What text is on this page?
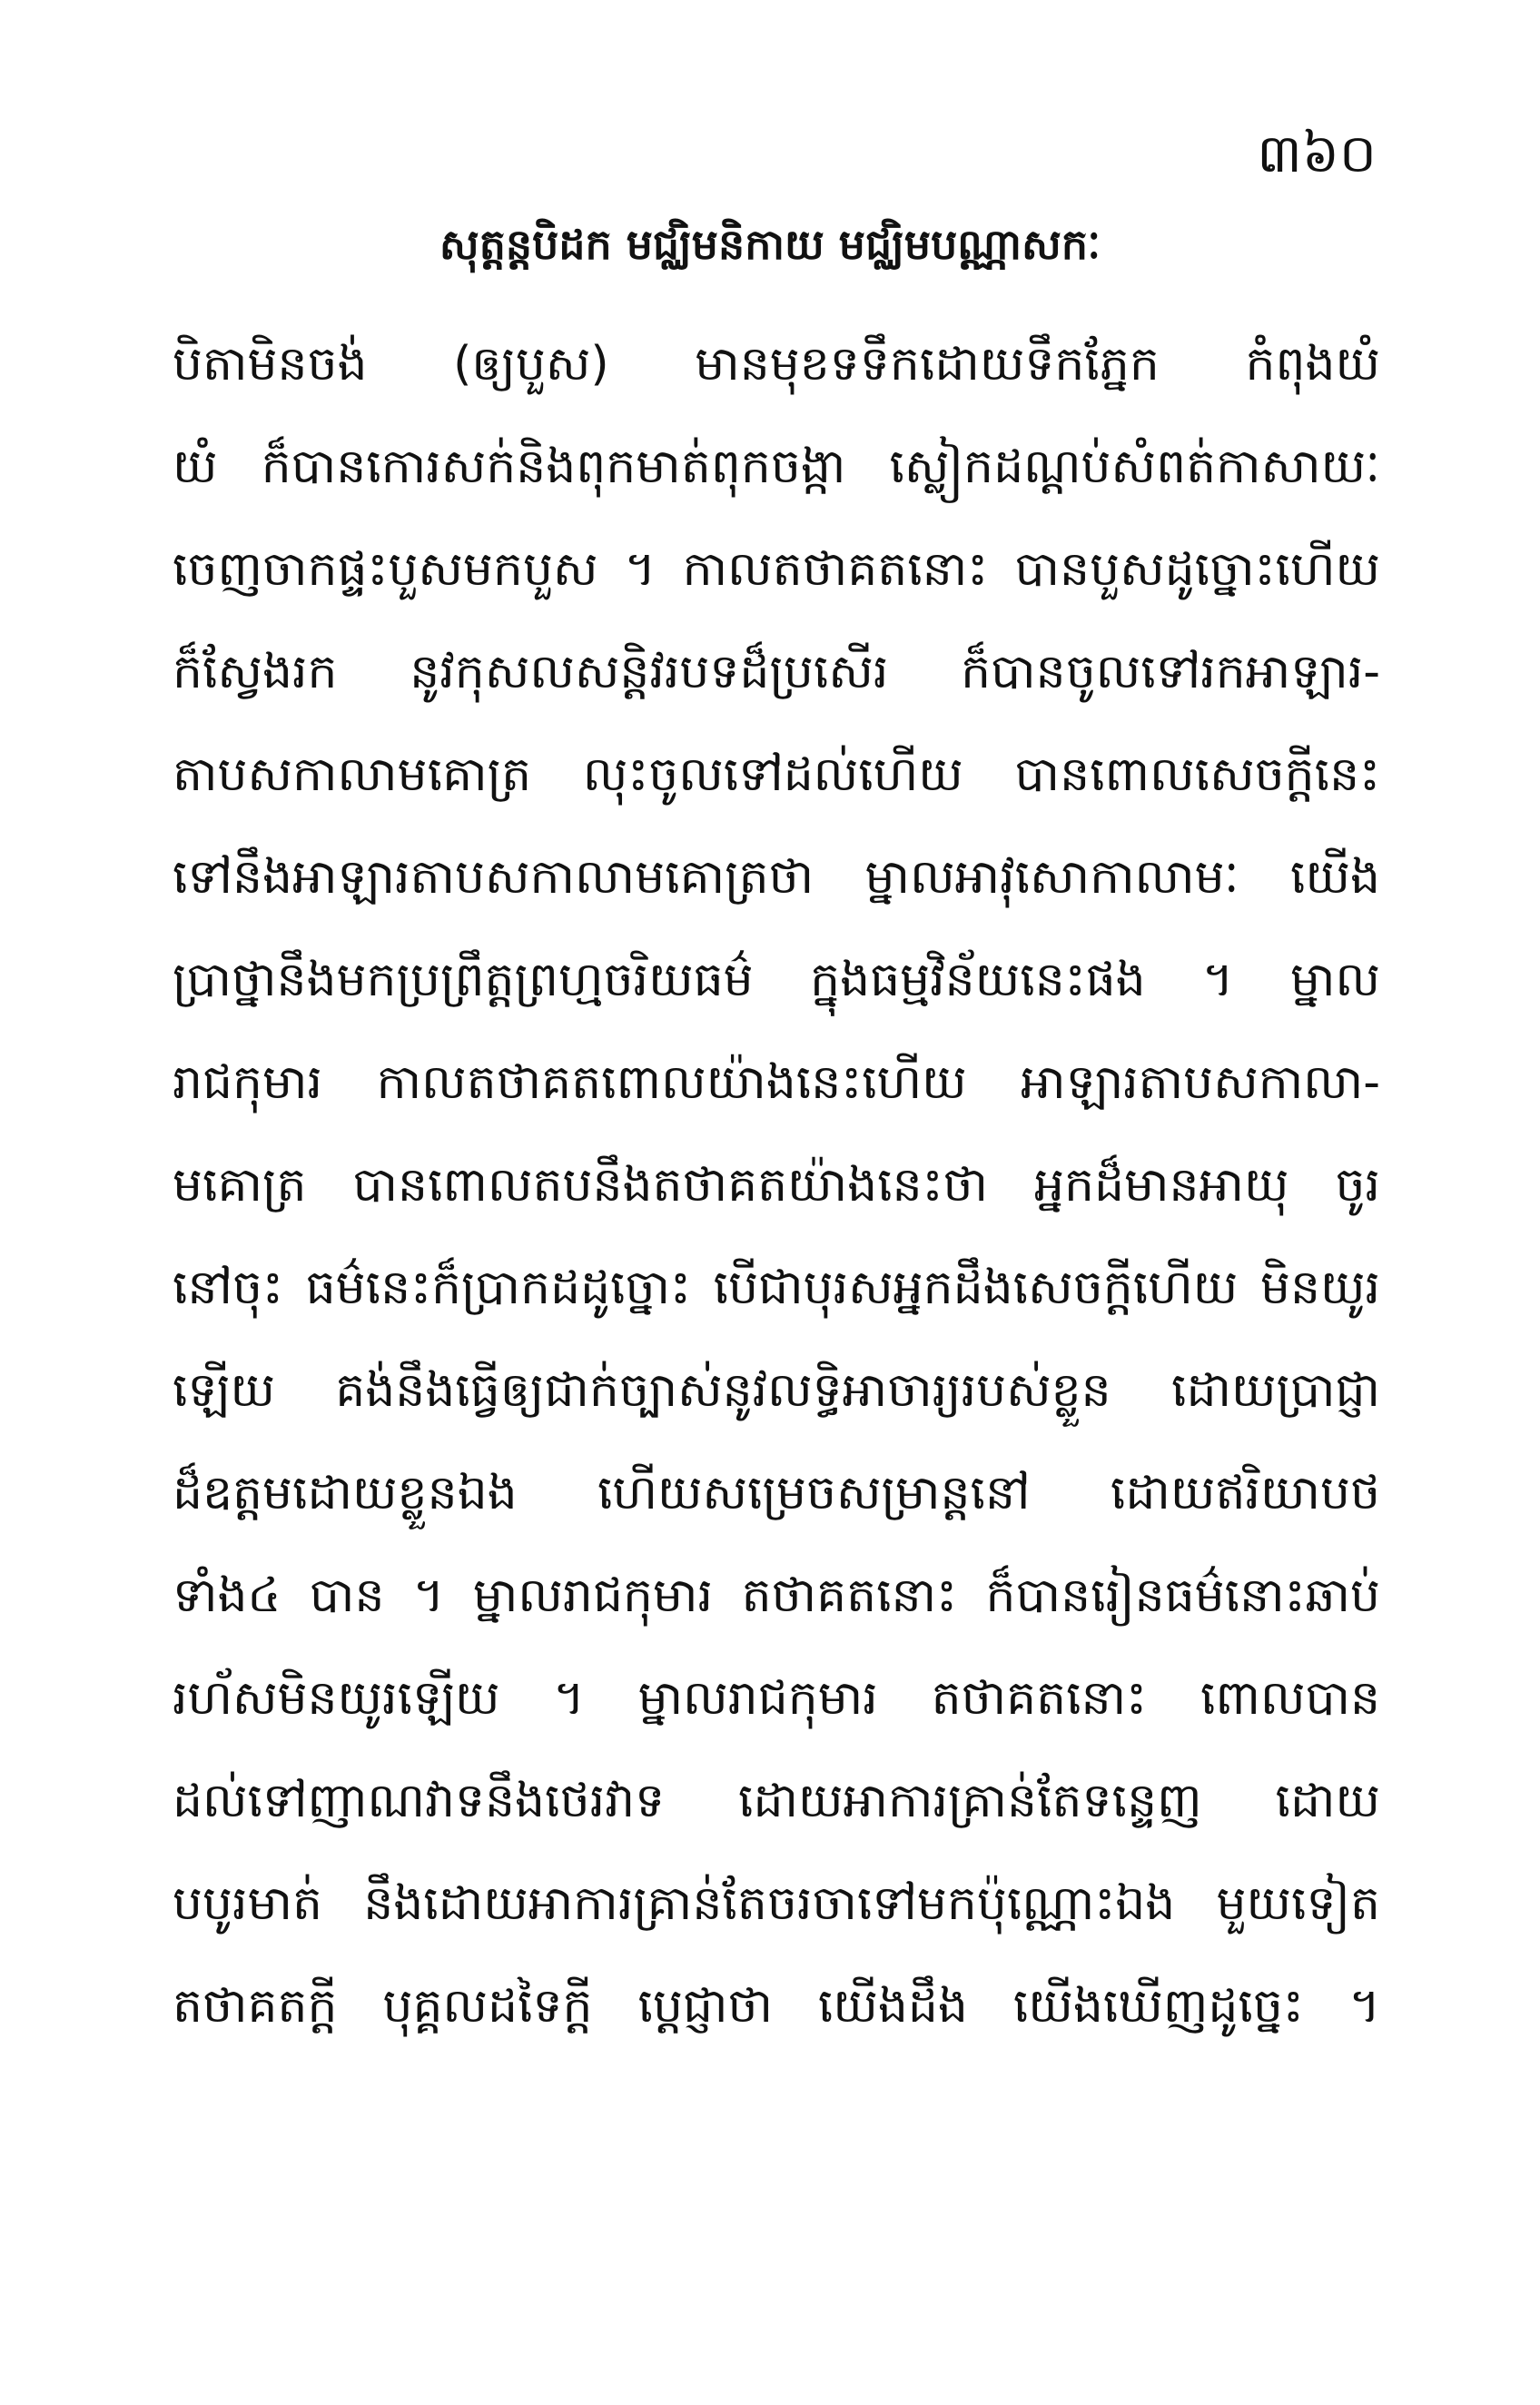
៣៦០
សុត្តន្តបិដក មជ្ឈិមនិកាយ មជ្ឈិមបណ្ណាសកៈ
បិតាមិនចង់ (ឲ្យបួស) មានមុខទទឹកដោយទឹកភ្នែក កំពុងយំ
យំ ក៏បានកោរសក់និងពុកមាត់ពុកចង្កា ស្លៀកដណ្តប់សំពត់កាសាយៈ
ចេញចាកផ្ទះបួសមកបួស ។ កាលតថាគតនោះ បានបួសដូច្នោះហើយ
ក៏ស្វែងរក នូវកុសលសន្តិវរបទដ៏ប្រសើរ ក៏បានចូលទៅរកអាឡារ-
តាបសកាលាមគោត្រ លុះចូលទៅដល់ហើយ បានពោលសេចក្តីនេះ
ទៅនឹងអាឡារតាបសកាលាមគោត្រថា ម្នាលអាវុសោកាលាមៈ យើង
ប្រាថ្នានឹងមកប្រព្រឹត្តព្រហ្មចរិយធម៌ ក្នុងធម្មវិន័យនេះផង ។ ម្នាល
រាជកុមារ កាលតថាគតពោលយ៉ាងនេះហើយ អាឡារតាបសកាលា-
មគោត្រ បានពោលតបនឹងតថាគតយ៉ាងនេះថា អ្នកដ៏មានអាយុ ចូរ
នៅចុះ ធម៌នេះក៏ប្រាកដដូច្នោះ បើជាបុរសអ្នកដឹងសេចក្តីហើយ មិនយូរ
ឡើយ គង់នឹងធ្វើឲ្យជាក់ច្បាស់នូវលទ្ធិអាចារ្យរបស់ខ្លួន ដោយប្រាជ្ញា
ដ៏ឧត្តមដោយខ្លួនឯង ហើយសម្រេចសម្រាន្តនៅ ដោយឥរិយាបថ
ទាំង៤ បាន ។ ម្នាលរាជកុមារ តថាគតនោះ ក៏បានរៀនធម៌នោះឆាប់
រហ័សមិនយូរឡើយ ។ ម្នាលរាជកុមារ តថាគតនោះ ពោលបាន
ដល់ទៅញាណវាទនឹងថេរវាទ ដោយអាការគ្រាន់តែទន្ទេញ ដោយ
បបូរមាត់ នឹងដោយអាការគ្រាន់តែចរចាទៅមកប៉ុណ្ណោះឯង មួយទៀត
តថាគតក្តី បុគ្គលដទៃក្តី ប្តេជ្ញាថា យើងដឹង យើងឃើញដូច្នេះ ។
